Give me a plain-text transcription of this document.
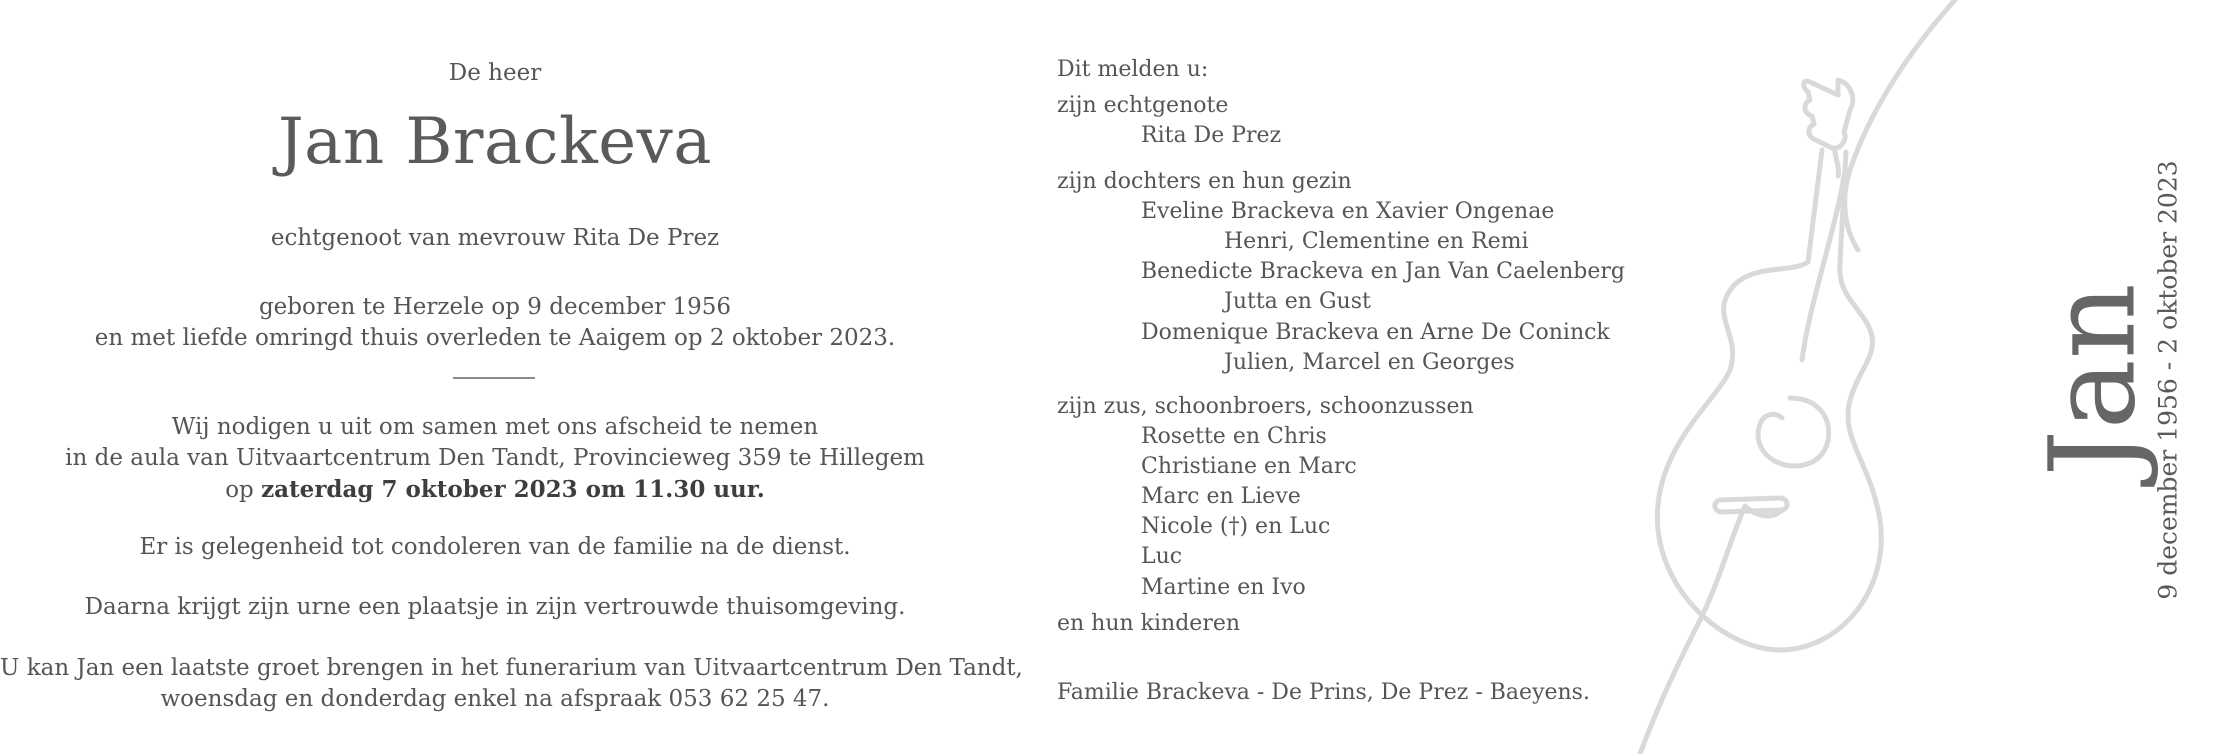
De heer
Jan Brackeva
echtgenoot van mevrouw Rita De Prez
geboren te Herzele op 9 december 1956
en met liefde omringd thuis overleden te Aaigem op 2 oktober 2023.
Wij nodigen u uit om samen met ons afscheid te nemen
in de aula van Uitvaartcentrum Den Tandt, Provincieweg 359 te Hillegem
op zaterdag 7 oktober 2023 om 11.30 uur.
Er is gelegenheid tot condoleren van de familie na de dienst.
Daarna krijgt zijn urne een plaatsje in zijn vertrouwde thuisomgeving.
U kan Jan een laatste groet brengen in het funerarium van Uitvaartcentrum Den Tandt,
woensdag en donderdag enkel na afspraak 053 62 25 47.
Dit melden u:
zijn echtgenote
Rita De Prez
zijn dochters en hun gezin
Eveline Brackeva en Xavier Ongenae
Henri, Clementine en Remi
Benedicte Brackeva en Jan Van Caelenberg
Jutta en Gust
Domenique Brackeva en Arne De Coninck
Julien, Marcel en Georges
zijn zus, schoonbroers, schoonzussen
Rosette en Chris
Christiane en Marc
Marc en Lieve
Nicole (†) en Luc
Luc
Martine en Ivo
en hun kinderen
Familie Brackeva - De Prins, De Prez - Baeyens.
Jan
9 december 1956 - 2 oktober 2023
